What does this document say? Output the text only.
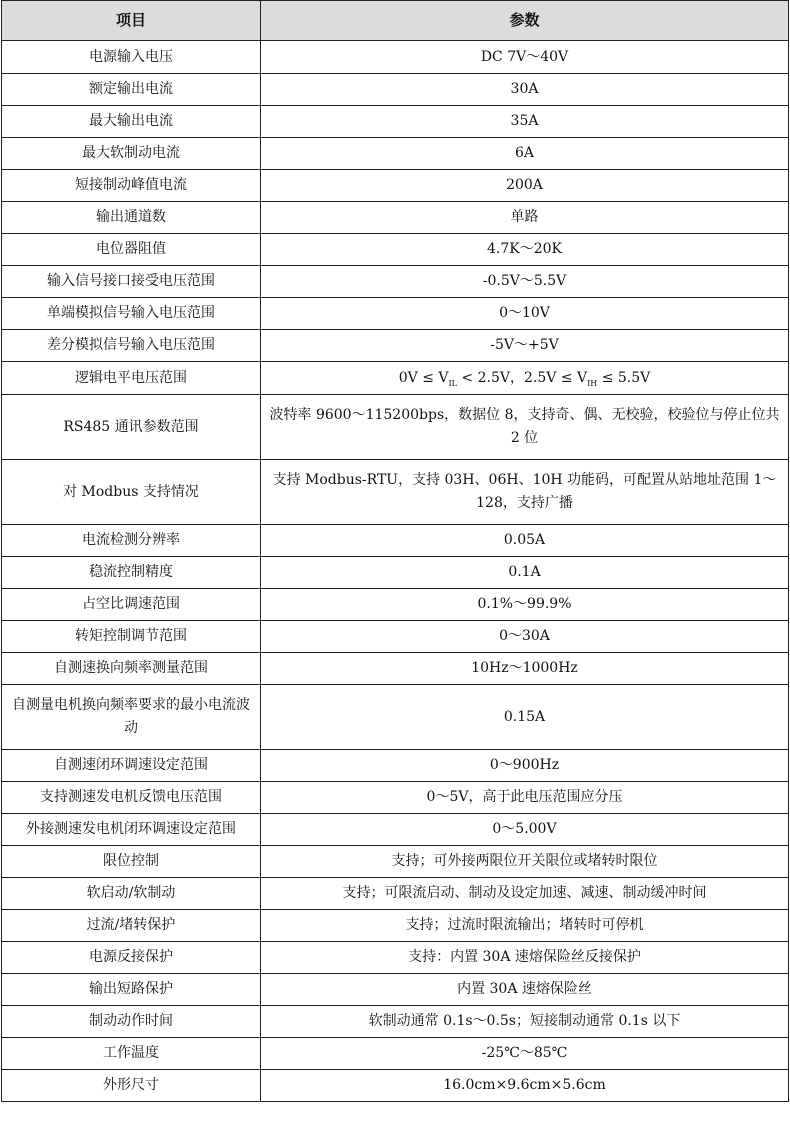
项目	参数
电源输入电压	DC 7V～40V
额定输出电流	30A
最大输出电流	35A
最大软制动电流	6A
短接制动峰值电流	200A
输出通道数	单路
电位器阻值	4.7K～20K
输入信号接口接受电压范围	-0.5V～5.5V
单端模拟信号输入电压范围	0～10V
差分模拟信号输入电压范围	-5V～+5V
逻辑电平电压范围	$0V \le V_{IL} < 2.5V$，$2.5V \le V_{IH} \le 5.5V$
RS485 通讯参数范围	波特率 9600～115200bps，数据位 8，支持奇、偶、无校验，校验位与停止位共 2 位
对 Modbus 支持情况	支持 Modbus-RTU，支持 03H、06H、10H 功能码，可配置从站地址范围 1～128，支持广播
电流检测分辨率	0.05A
稳流控制精度	0.1A
占空比调速范围	0.1%～99.9%
转矩控制调节范围	0～30A
自测速换向频率测量范围	10Hz～1000Hz
自测量电机换向频率要求的最小电流波动	0.15A
自测速闭环调速设定范围	0～900Hz
支持测速发电机反馈电压范围	0～5V，高于此电压范围应分压
外接测速发电机闭环调速设定范围	0～5.00V
限位控制	支持；可外接两限位开关限位或堵转时限位
软启动/软制动	支持；可限流启动、制动及设定加速、减速、制动缓冲时间
过流/堵转保护	支持；过流时限流输出；堵转时可停机
电源反接保护	支持：内置 30A 速熔保险丝反接保护
输出短路保护	内置 30A 速熔保险丝
制动动作时间	软制动通常 0.1s～0.5s；短接制动通常 0.1s 以下
工作温度	-25℃～85℃
外形尺寸	16.0cm×9.6cm×5.6cm
